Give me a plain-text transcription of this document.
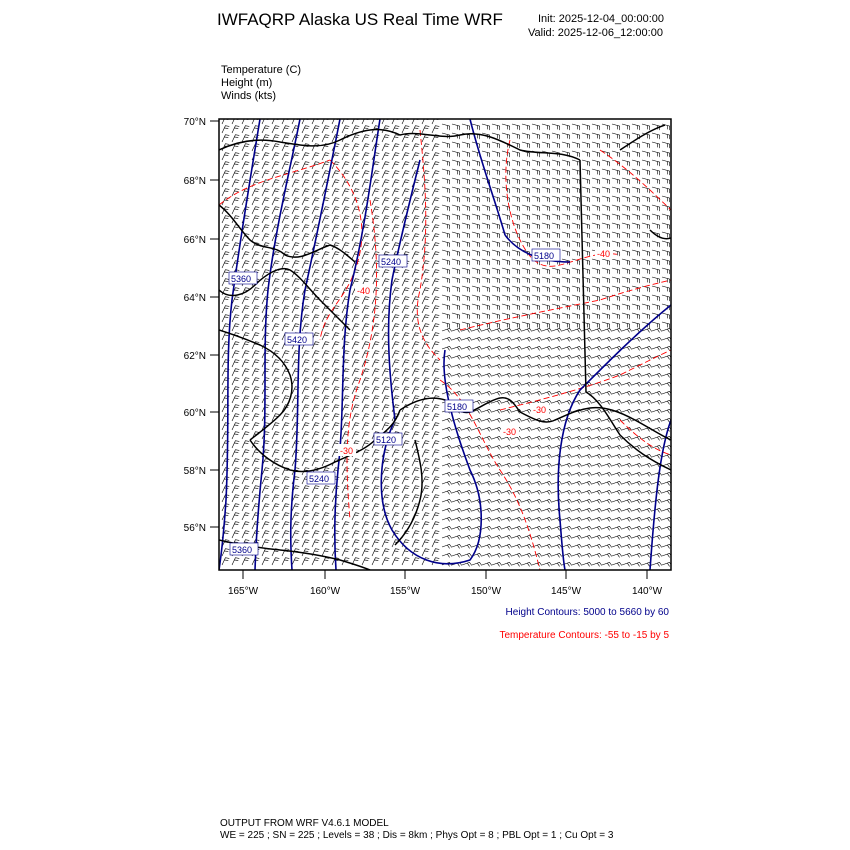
IWFAQRP Alaska US Real Time WRF	Init: 2025-12-04_00:00:00
Valid: 2025-12-06_12:00:00
Temperature (C)
Height (m)
Winds (kts)
70°N
68°N
66°N
64°N
62°N
60°N
58°N
56°N
165°W	160°W	155°W	150°W	145°W	140°W
5360
5240
5420
5120
5180
5240
5360
5180	-40
-40
-30
-30
-30
Height Contours: 5000 to 5660 by 60
Temperature Contours: -55 to -15 by 5
OUTPUT FROM WRF V4.6.1 MODEL
WE = 225 ; SN = 225 ; Levels = 38 ; Dis = 8km ; Phys Opt = 8 ; PBL Opt = 1 ; Cu Opt = 3
